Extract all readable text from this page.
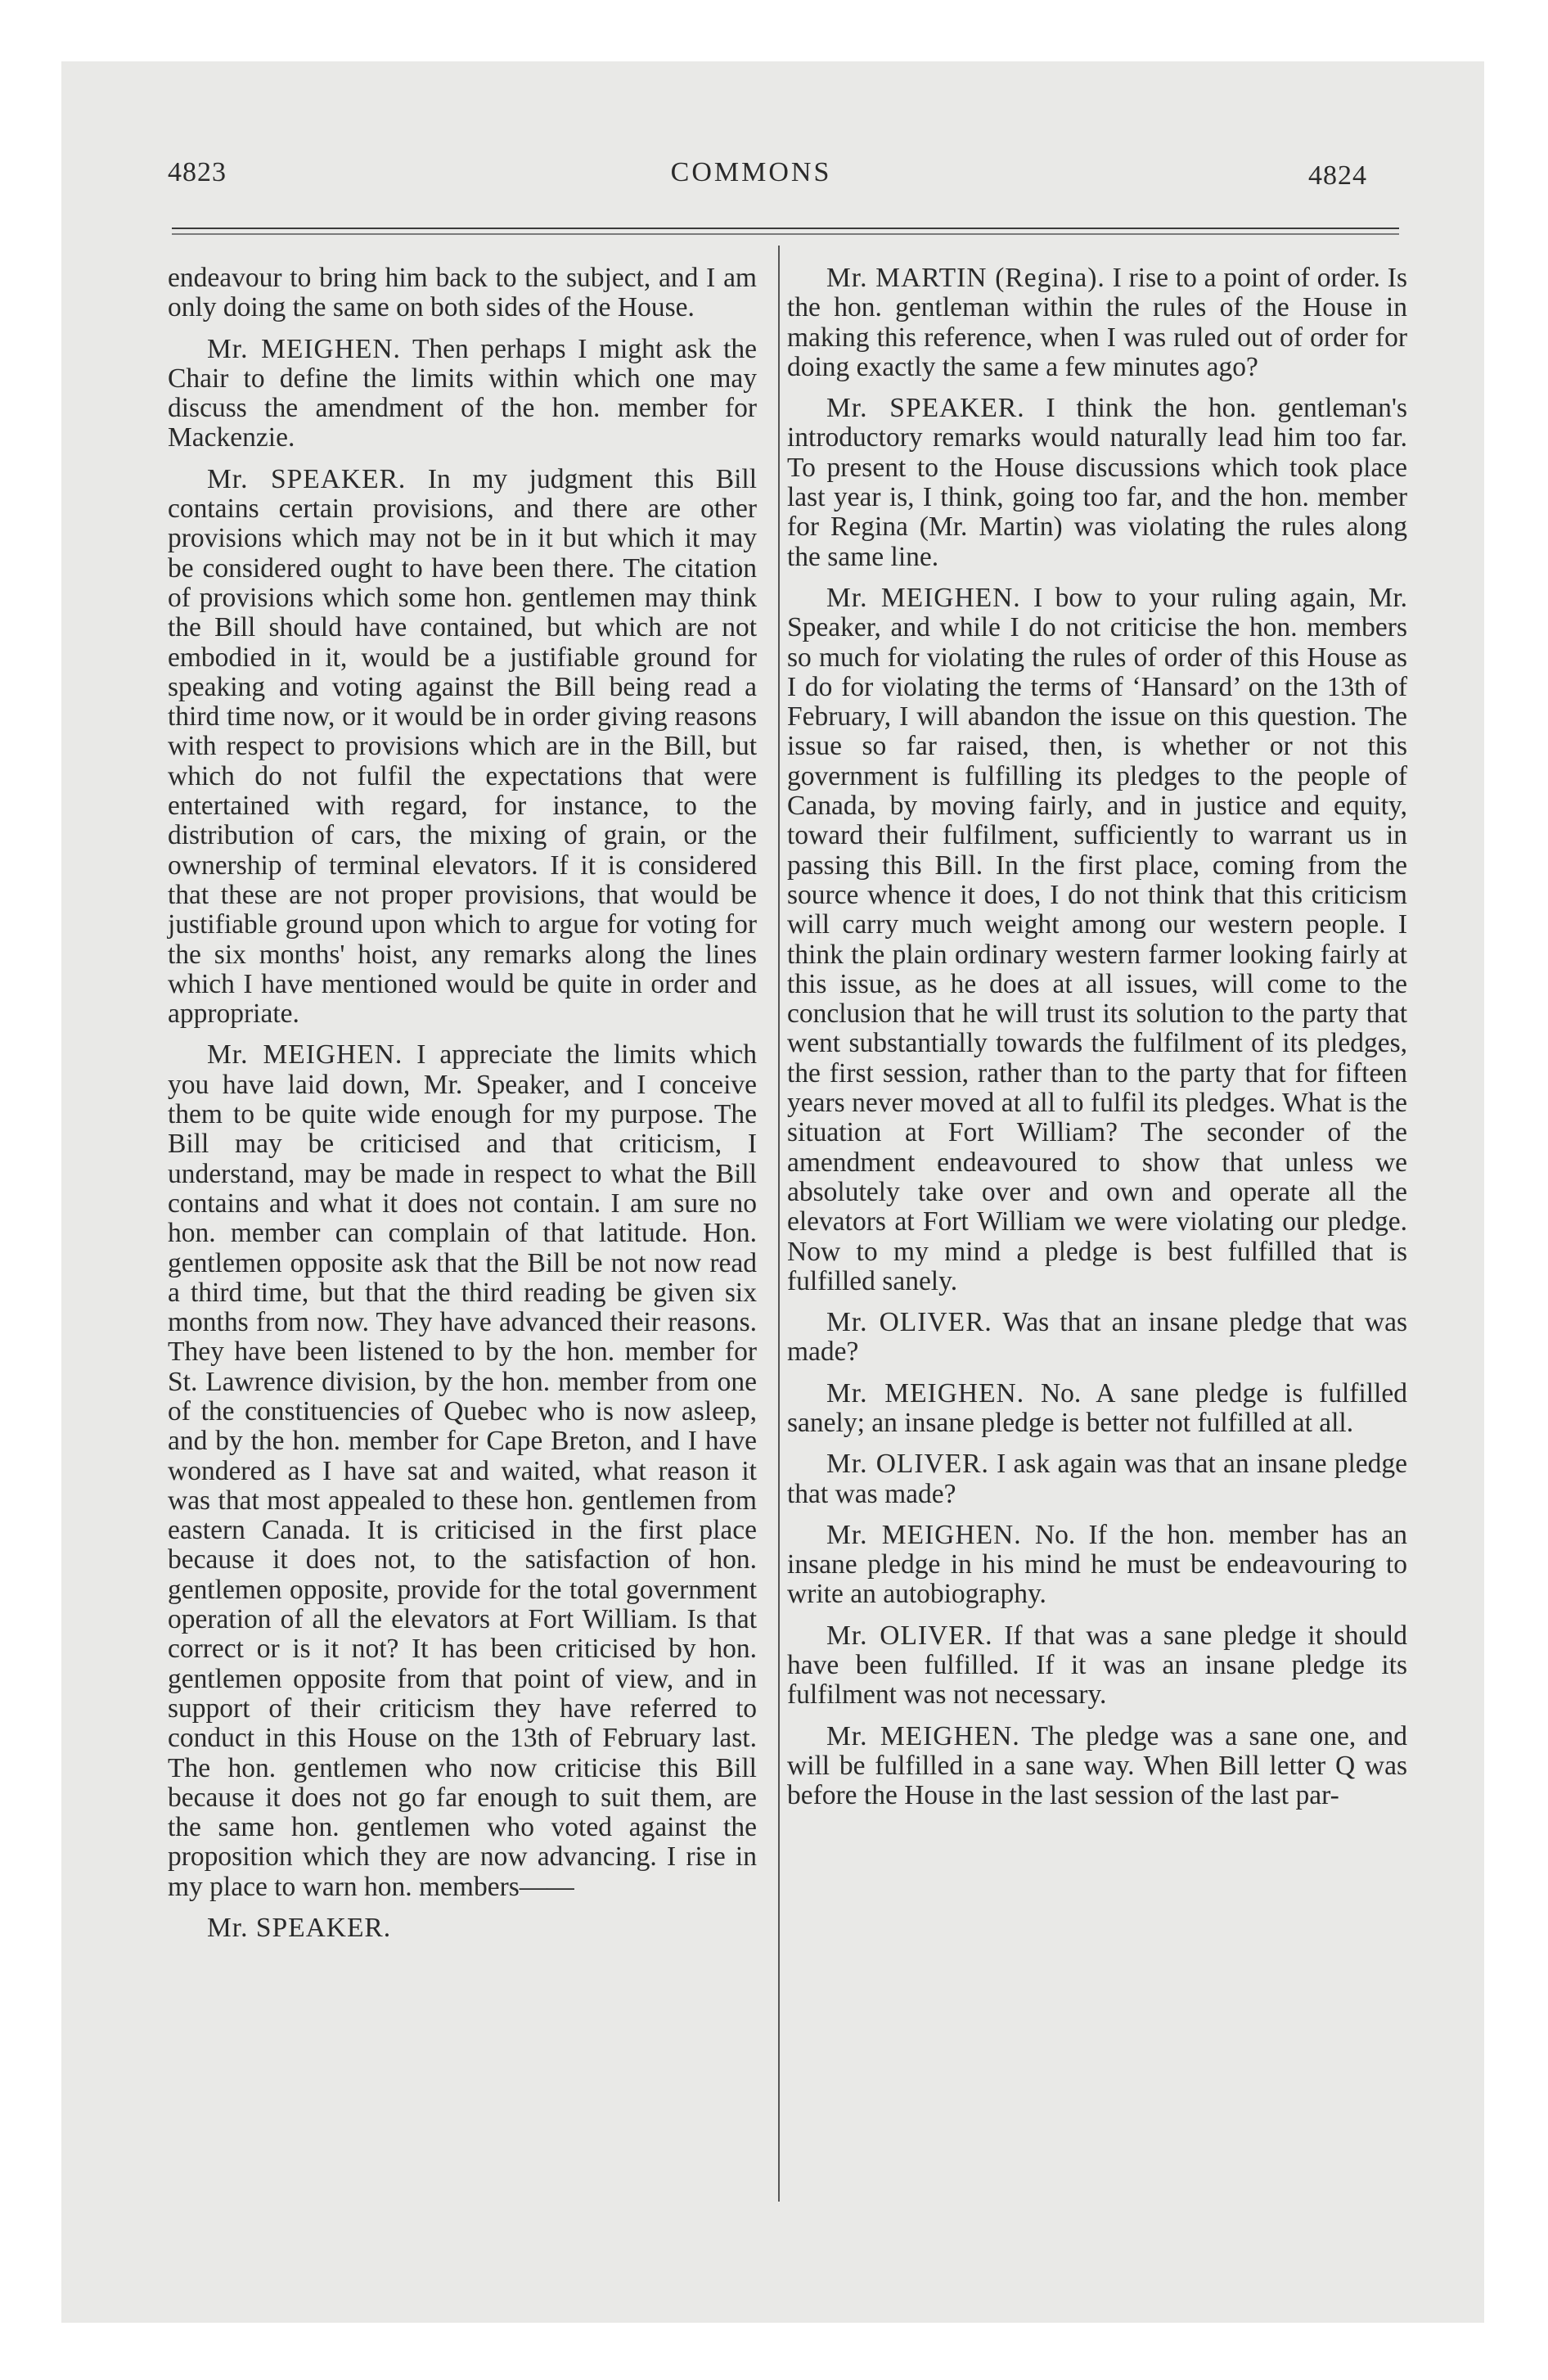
4823	COMMONS	4824

endeavour to bring him back to the subject, and I am only doing the same on both sides of the House.

Mr. MEIGHEN. Then perhaps I might ask the Chair to define the limits within which one may discuss the amendment of the hon. member for Mackenzie.

Mr. SPEAKER. In my judgment this Bill contains certain provisions, and there are other provisions which may not be in it but which it may be considered ought to have been there. The citation of provisions which some hon. gentlemen may think the Bill should have contained, but which are not embodied in it, would be a justifiable ground for speaking and voting against the Bill being read a third time now, or it would be in order giving reasons with respect to provisions which are in the Bill, but which do not fulfil the expectations that were entertained with regard, for instance, to the distribution of cars, the mixing of grain, or the ownership of terminal elevators. If it is considered that these are not proper provisions, that would be justifiable ground upon which to argue for voting for the six months' hoist, any remarks along the lines which I have mentioned would be quite in order and appropriate.

Mr. MEIGHEN. I appreciate the limits which you have laid down, Mr. Speaker, and I conceive them to be quite wide enough for my purpose. The Bill may be criticised and that criticism, I understand, may be made in respect to what the Bill contains and what it does not contain. I am sure no hon. member can complain of that latitude. Hon. gentlemen opposite ask that the Bill be not now read a third time, but that the third reading be given six months from now. They have advanced their reasons. They have been listened to by the hon. member for St. Lawrence division, by the hon. member from one of the constituencies of Quebec who is now asleep, and by the hon. member for Cape Breton, and I have wondered as I have sat and waited, what reason it was that most appealed to these hon. gentlemen from eastern Canada. It is criticised in the first place because it does not, to the satisfaction of hon. gentlemen opposite, provide for the total government operation of all the elevators at Fort William. Is that correct or is it not? It has been criticised by hon. gentlemen opposite from that point of view, and in support of their criticism they have referred to conduct in this House on the 13th of February last. The hon. gentlemen who now criticise this Bill because it does not go far enough to suit them, are the same hon. gentlemen who voted against the proposition which they are now advancing. I rise in my place to warn hon. members——

Mr. SPEAKER.

Mr. MARTIN (Regina). I rise to a point of order. Is the hon. gentleman within the rules of the House in making this reference, when I was ruled out of order for doing exactly the same a few minutes ago?

Mr. SPEAKER. I think the hon. gentleman's introductory remarks would naturally lead him too far. To present to the House discussions which took place last year is, I think, going too far, and the hon. member for Regina (Mr. Martin) was violating the rules along the same line.

Mr. MEIGHEN. I bow to your ruling again, Mr. Speaker, and while I do not criticise the hon. members so much for violating the rules of order of this House as I do for violating the terms of ‘Hansard’ on the 13th of February, I will abandon the issue on this question. The issue so far raised, then, is whether or not this government is fulfilling its pledges to the people of Canada, by moving fairly, and in justice and equity, toward their fulfilment, sufficiently to warrant us in passing this Bill. In the first place, coming from the source whence it does, I do not think that this criticism will carry much weight among our western people. I think the plain ordinary western farmer looking fairly at this issue, as he does at all issues, will come to the conclusion that he will trust its solution to the party that went substantially towards the fulfilment of its pledges, the first session, rather than to the party that for fifteen years never moved at all to fulfil its pledges. What is the situation at Fort William? The seconder of the amendment endeavoured to show that unless we absolutely take over and own and operate all the elevators at Fort William we were violating our pledge. Now to my mind a pledge is best fulfilled that is fulfilled sanely.

Mr. OLIVER. Was that an insane pledge that was made?

Mr. MEIGHEN. No. A sane pledge is fulfilled sanely; an insane pledge is better not fulfilled at all.

Mr. OLIVER. I ask again was that an insane pledge that was made?

Mr. MEIGHEN. No. If the hon. member has an insane pledge in his mind he must be endeavouring to write an autobiography.

Mr. OLIVER. If that was a sane pledge it should have been fulfilled. If it was an insane pledge its fulfilment was not necessary.

Mr. MEIGHEN. The pledge was a sane one, and will be fulfilled in a sane way. When Bill letter Q was before the House in the last session of the last par-
